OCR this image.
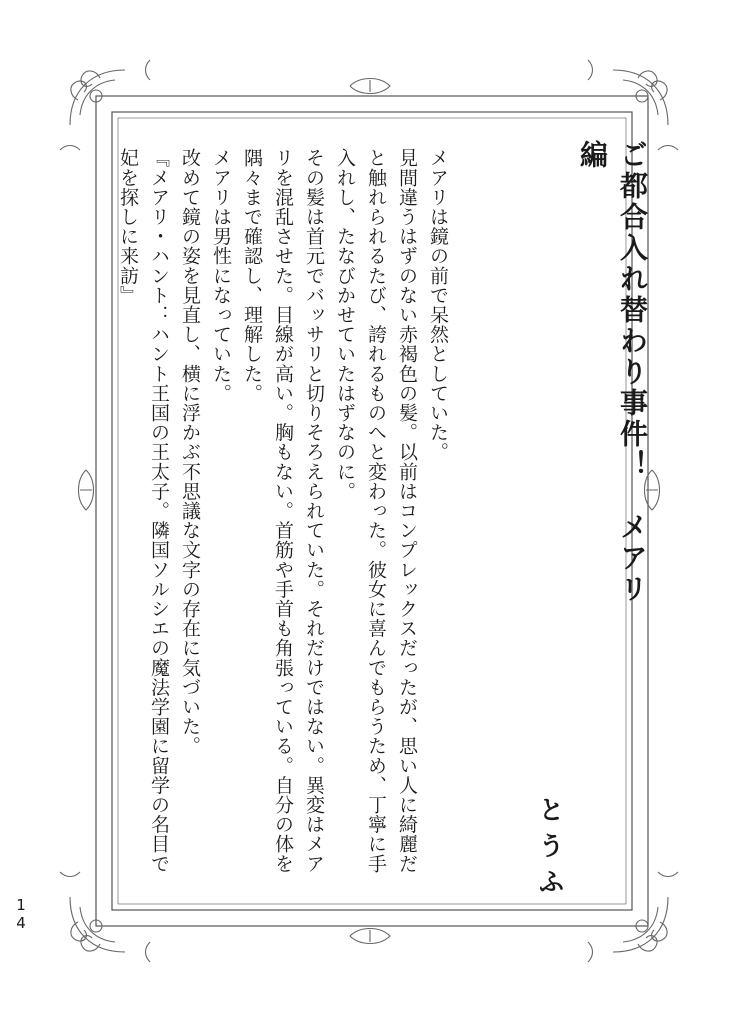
ご都合入れ替わり事件！　メアリ編
とうふ

メアリは鏡の前で呆然としていた。

見間違うはずのない赤褐色の髪。以前はコンプレックスだったが、思い人に綺麗だと触れられるたび、誇れるものへと変わった。彼女に喜んでもらうため、丁寧に手入れし、たなびかせていたはずなのに。

その髪は首元でバッサリと切りそろえられていた。それだけではない。異変はメアリを混乱させた。目線が高い。胸もない。首筋や手首も角張っている。自分の体を隅々まで確認し、理解した。

メアリは男性になっていた。

改めて鏡の姿を見直し、横に浮かぶ不思議な文字の存在に気づいた。

『メアリ・ハント：ハント王国の王太子。隣国ソルシエの魔法学園に留学の名目で妃を探しに来訪』

14
